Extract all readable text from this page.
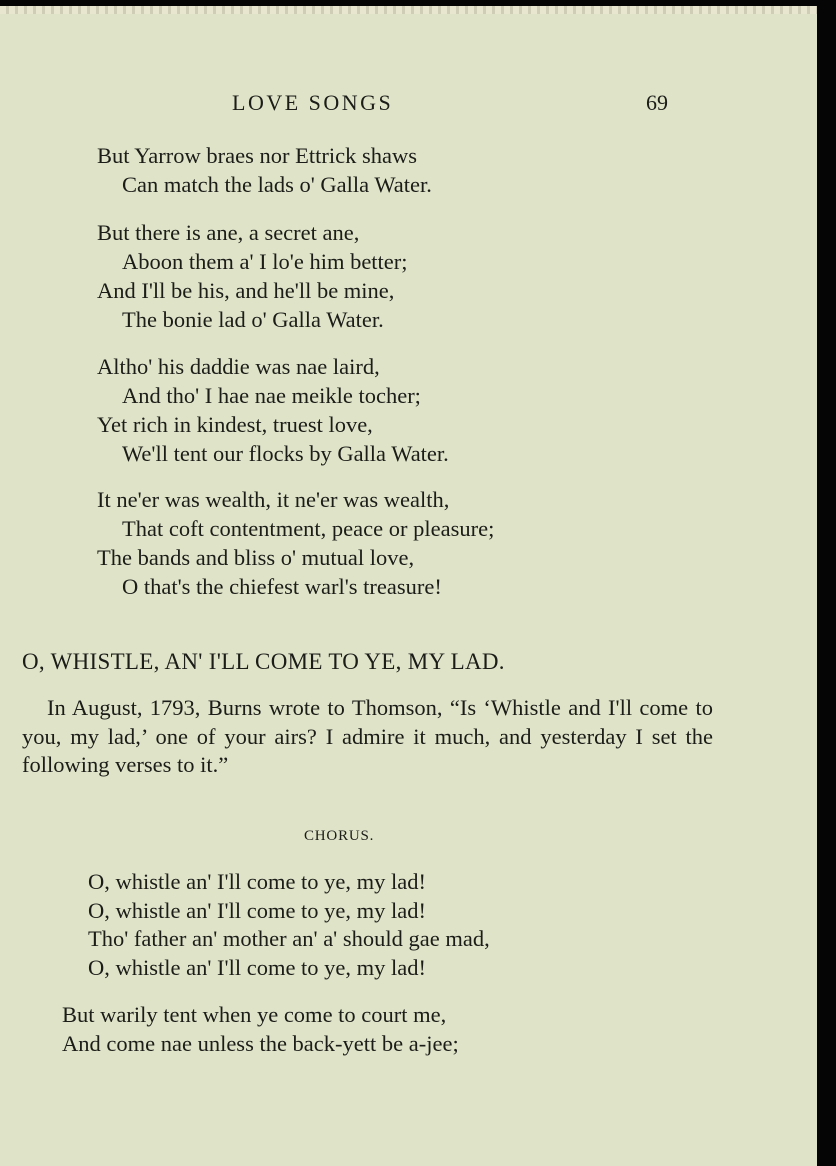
LOVE SONGS	69
But Yarrow braes nor Ettrick shaws
Can match the lads o' Galla Water.
But there is ane, a secret ane,
Aboon them a' I lo'e him better;
And I'll be his, and he'll be mine,
The bonie lad o' Galla Water.
Altho' his daddie was nae laird,
And tho' I hae nae meikle tocher;
Yet rich in kindest, truest love,
We'll tent our flocks by Galla Water.
It ne'er was wealth, it ne'er was wealth,
That coft contentment, peace or pleasure;
The bands and bliss o' mutual love,
O that's the chiefest warl's treasure!
O, WHISTLE, AN' I'LL COME TO YE, MY LAD.

In August, 1793, Burns wrote to Thomson, “Is ‘Whistle and I'll come to you, my lad,’ one of your airs? I admire it much, and yesterday I set the following verses to it.”

CHORUS.
O, whistle an' I'll come to ye, my lad!
O, whistle an' I'll come to ye, my lad!
Tho' father an' mother an' a' should gae mad,
O, whistle an' I'll come to ye, my lad!
But warily tent when ye come to court me,
And come nae unless the back-yett be a-jee;
